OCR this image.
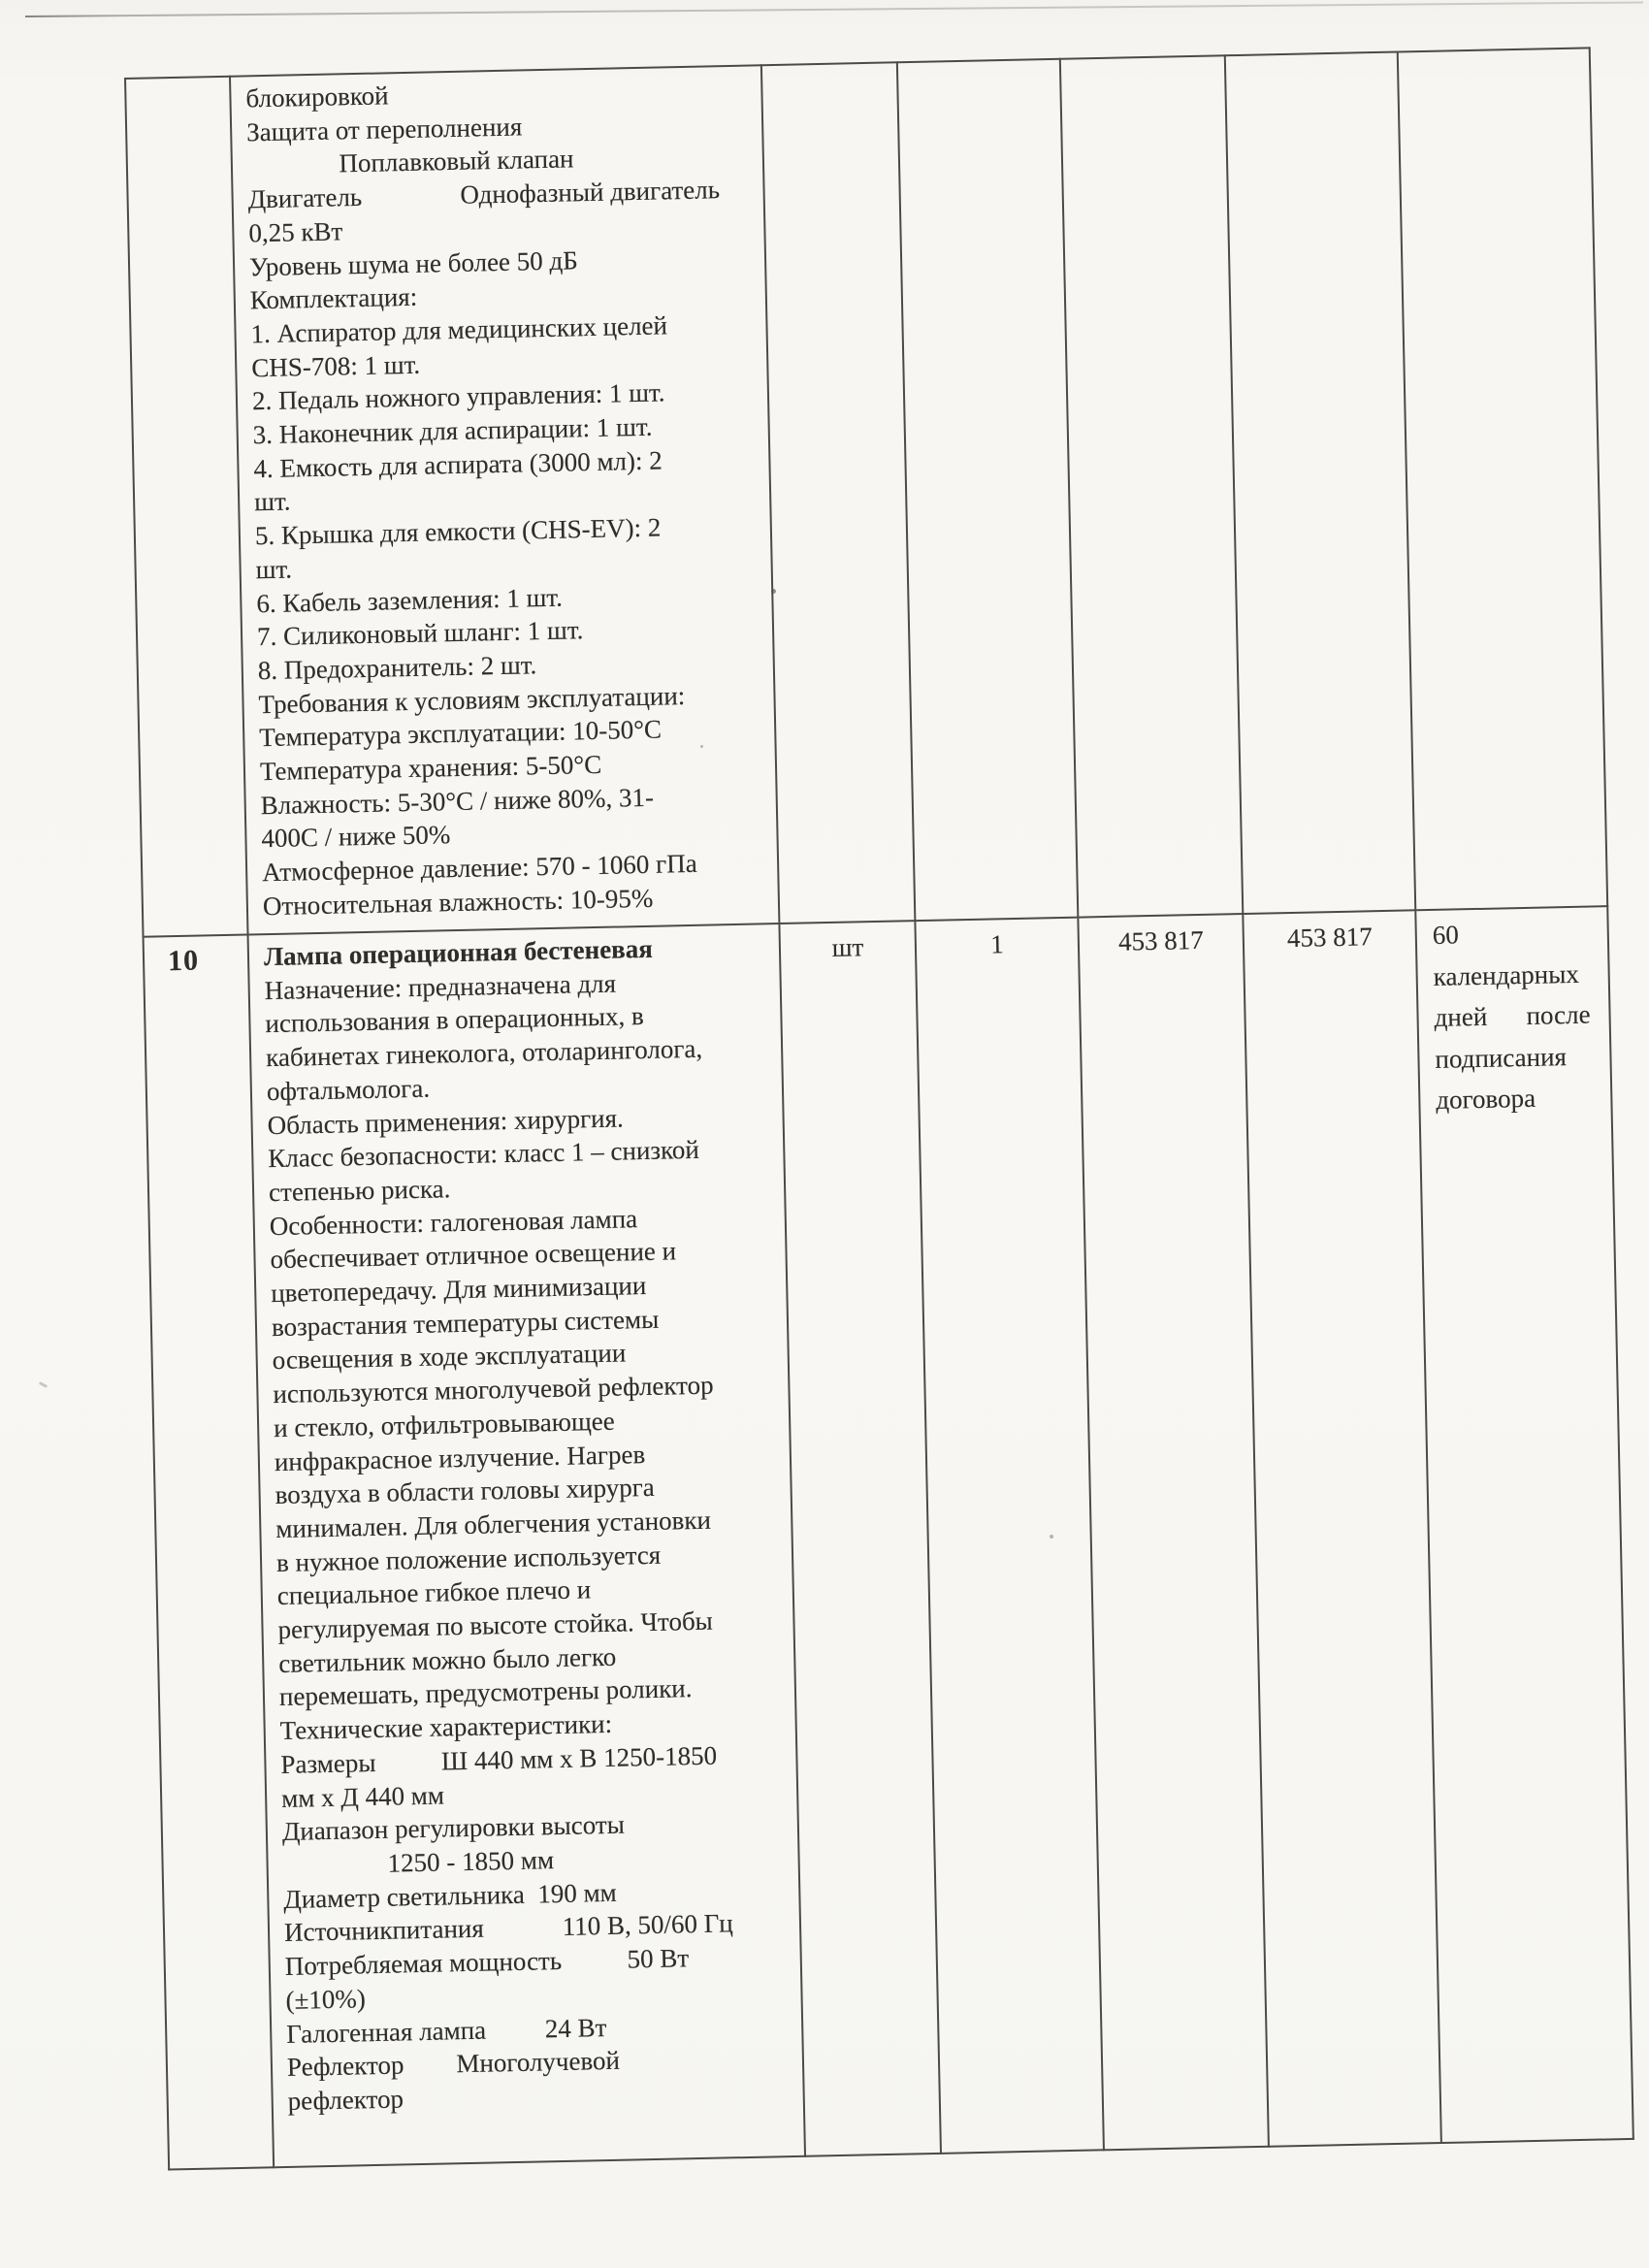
блокировкой
Защита от переполнения
Поплавковый клапан
Двигатель               Однофазный двигатель
0,25 кВт
Уровень шума не более 50 дБ
Комплектация:
1. Аспиратор для медицинских целей
CHS-708: 1 шт.
2. Педаль ножного управления: 1 шт.
3. Наконечник для аспирации: 1 шт.
4. Емкость для аспирата (3000 мл): 2
шт.
5. Крышка для емкости (CHS-EV): 2
шт.
6. Кабель заземления: 1 шт.
7. Силиконовый шланг: 1 шт.
8. Предохранитель: 2 шт.
Требования к условиям эксплуатации:
Температура эксплуатации: 10-50°С
Температура хранения: 5-50°С
Влажность: 5-30°С / ниже 80%, 31-
400С / ниже 50%
Атмосферное давление: 570 - 1060 гПа
Относительная влажность: 10-95%

10	Лампа операционная бестеневая
Назначение: предназначена для
использования в операционных, в
кабинетах гинеколога, отоларинголога,
офтальмолога.
Область применения: хирургия.
Класс безопасности: класс 1 – снизкой
степенью риска.
Особенности: галогеновая лампа
обеспечивает отличное освещение и
цветопередачу. Для минимизации
возрастания температуры системы
освещения в ходе эксплуатации
используются многолучевой рефлектор
и стекло, отфильтровывающее
инфракрасное излучение. Нагрев
воздуха в области головы хирурга
минимален. Для облегчения установки
в нужное положение используется
специальное гибкое плечо и
регулируемая по высоте стойка. Чтобы
светильник можно было легко
перемешать, предусмотрены ролики.
Технические характеристики:
Размеры          Ш 440 мм х В 1250-1850
мм х Д 440 мм
Диапазон регулировки высоты
1250 - 1850 мм
Диаметр светильника  190 мм
Источникпитания            110 В, 50/60 Гц
Потребляемая мощность          50 Вт
(±10%)
Галогенная лампа         24 Вт
Рефлектор        Многолучевой
рефлектор
	шт	1	453 817	453 817	60 календарных дней после подписания договора
